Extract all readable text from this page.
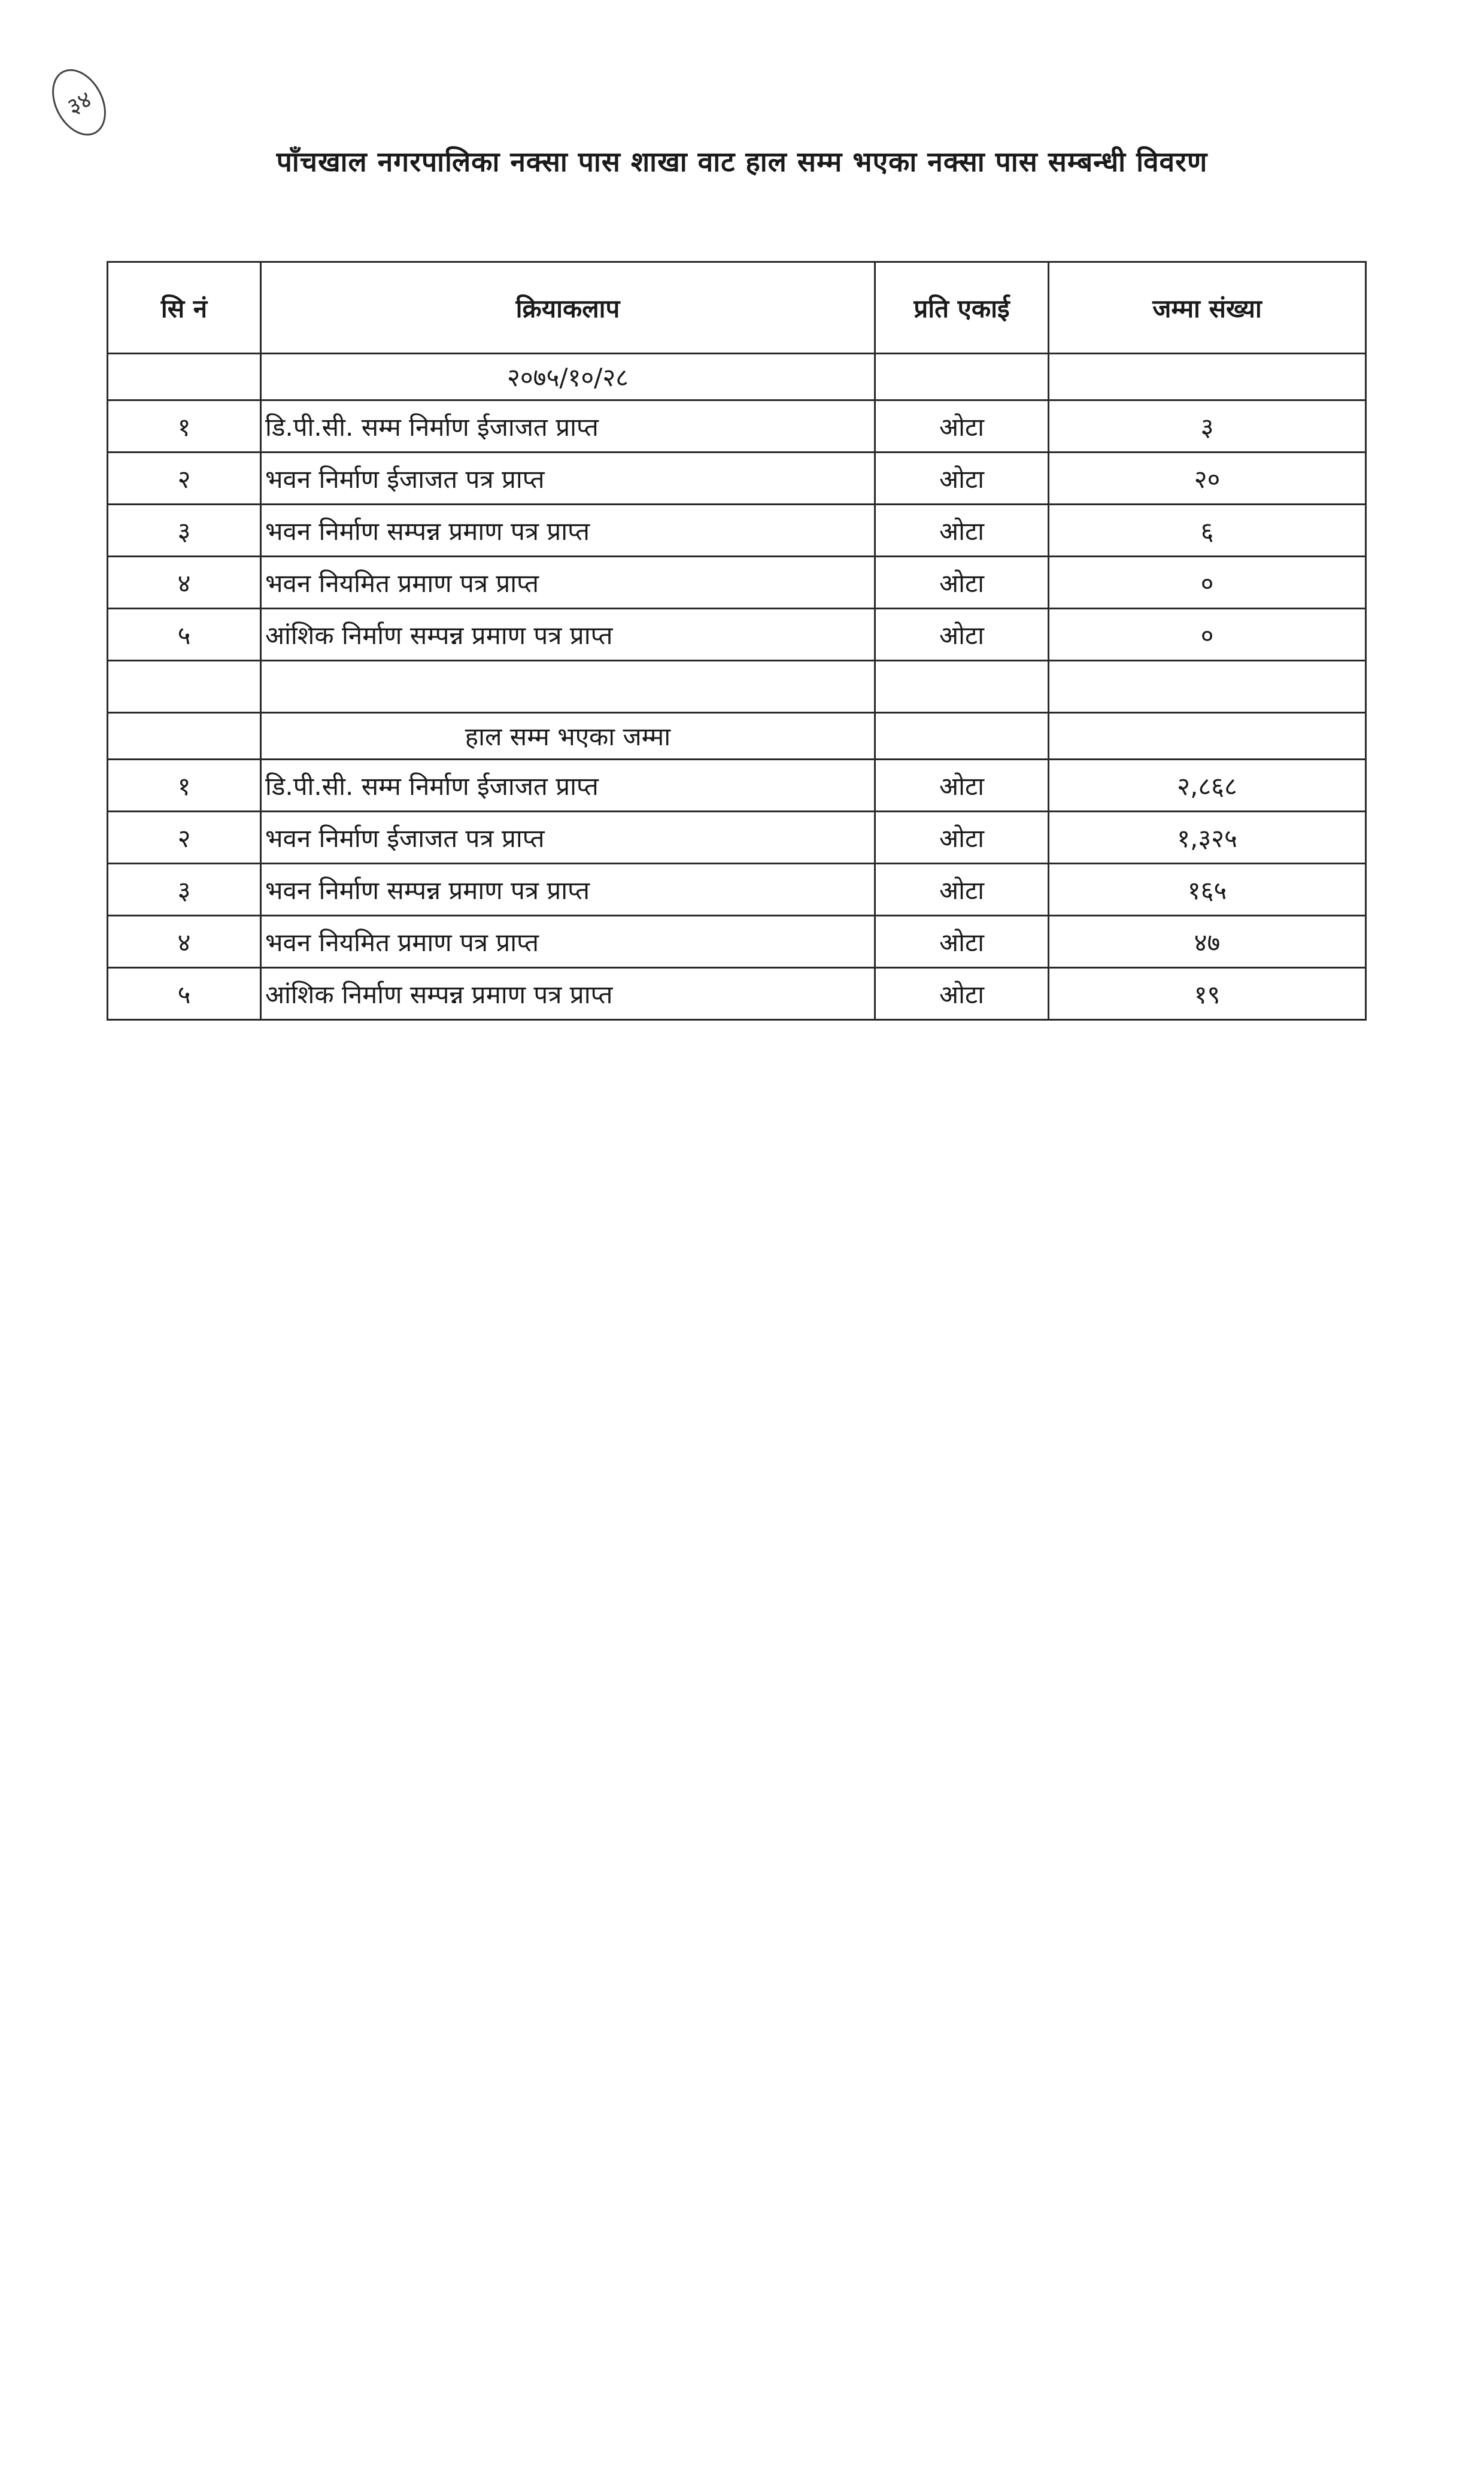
३४
पाँचखाल नगरपालिका नक्सा पास शाखा वाट हाल सम्म भएका नक्सा पास सम्बन्धी विवरण
सि नं	क्रियाकलाप	प्रति एकाई	जम्मा संख्या
	२०७५/१०/२८		
१	डि.पी.सी. सम्म निर्माण ईजाजत प्राप्त	ओटा	३
२	भवन निर्माण ईजाजत पत्र प्राप्त	ओटा	२०
३	भवन निर्माण सम्पन्न प्रमाण पत्र प्राप्त	ओटा	६
४	भवन नियमित प्रमाण पत्र प्राप्त	ओटा	०
५	आंशिक निर्माण सम्पन्न प्रमाण पत्र प्राप्त	ओटा	०

	हाल सम्म भएका जम्मा		
१	डि.पी.सी. सम्म निर्माण ईजाजत प्राप्त	ओटा	२,८६८
२	भवन निर्माण ईजाजत पत्र प्राप्त	ओटा	१,३२५
३	भवन निर्माण सम्पन्न प्रमाण पत्र प्राप्त	ओटा	१६५
४	भवन नियमित प्रमाण पत्र प्राप्त	ओटा	४७
५	आंशिक निर्माण सम्पन्न प्रमाण पत्र प्राप्त	ओटा	१९
